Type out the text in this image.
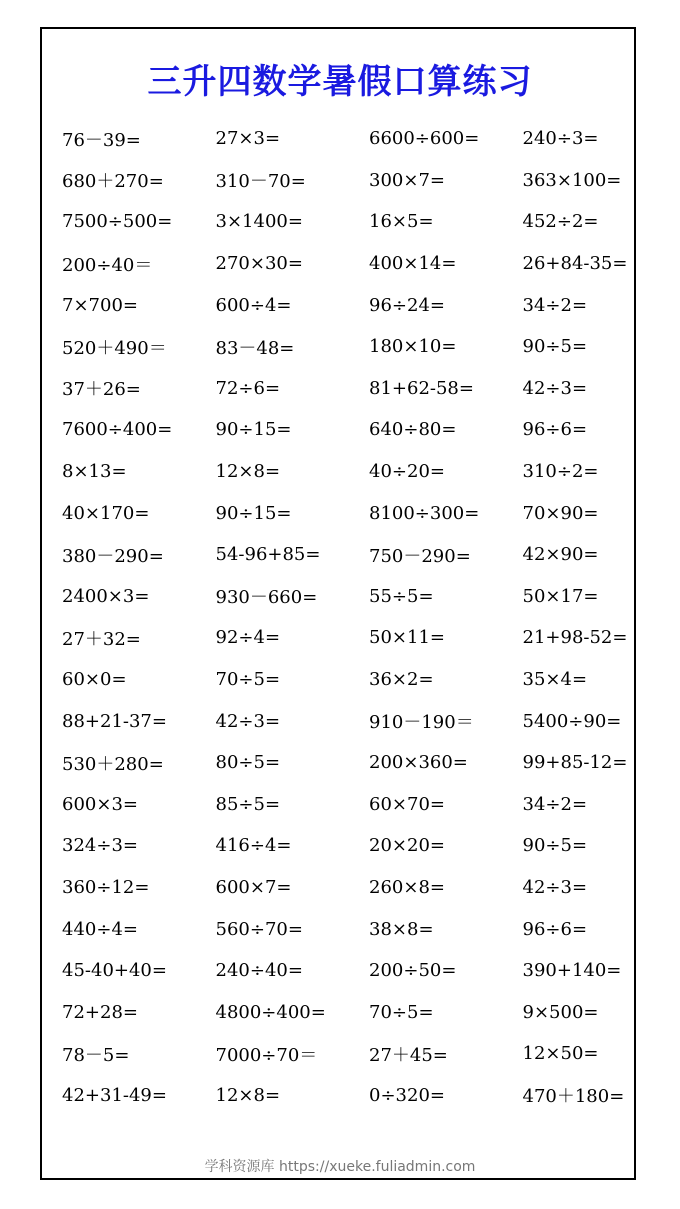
三升四数学暑假口算练习
76－39=	27×3=	6600÷600=	240÷3=
680＋270=	310－70=	300×7=	363×100=
7500÷500=	3×1400=	16×5=	452÷2=
200÷40＝	270×30=	400×14=	26+84-35=
7×700=	600÷4=	96÷24=	34÷2=
520＋490＝	83－48=	180×10=	90÷5=
37＋26=	72÷6=	81+62-58=	42÷3=
7600÷400=	90÷15=	640÷80=	96÷6=
8×13=	12×8=	40÷20=	310÷2=
40×170=	90÷15=	8100÷300=	70×90=
380－290=	54-96+85=	750－290=	42×90=
2400×3=	930－660=	55÷5=	50×17=
27＋32=	92÷4=	50×11=	21+98-52=
60×0=	70÷5=	36×2=	35×4=
88+21-37=	42÷3=	910－190＝	5400÷90=
530＋280=	80÷5=	200×360=	99+85-12=
600×3=	85÷5=	60×70=	34÷2=
324÷3=	416÷4=	20×20=	90÷5=
360÷12=	600×7=	260×8=	42÷3=
440÷4=	560÷70=	38×8=	96÷6=
45-40+40=	240÷40=	200÷50=	390+140=
72+28=	4800÷400=	70÷5=	9×500=
78－5=	7000÷70＝	27＋45=	12×50=
42+31-49=	12×8=	0÷320=	470＋180=
学科资源库 https://xueke.fuliadmin.com
